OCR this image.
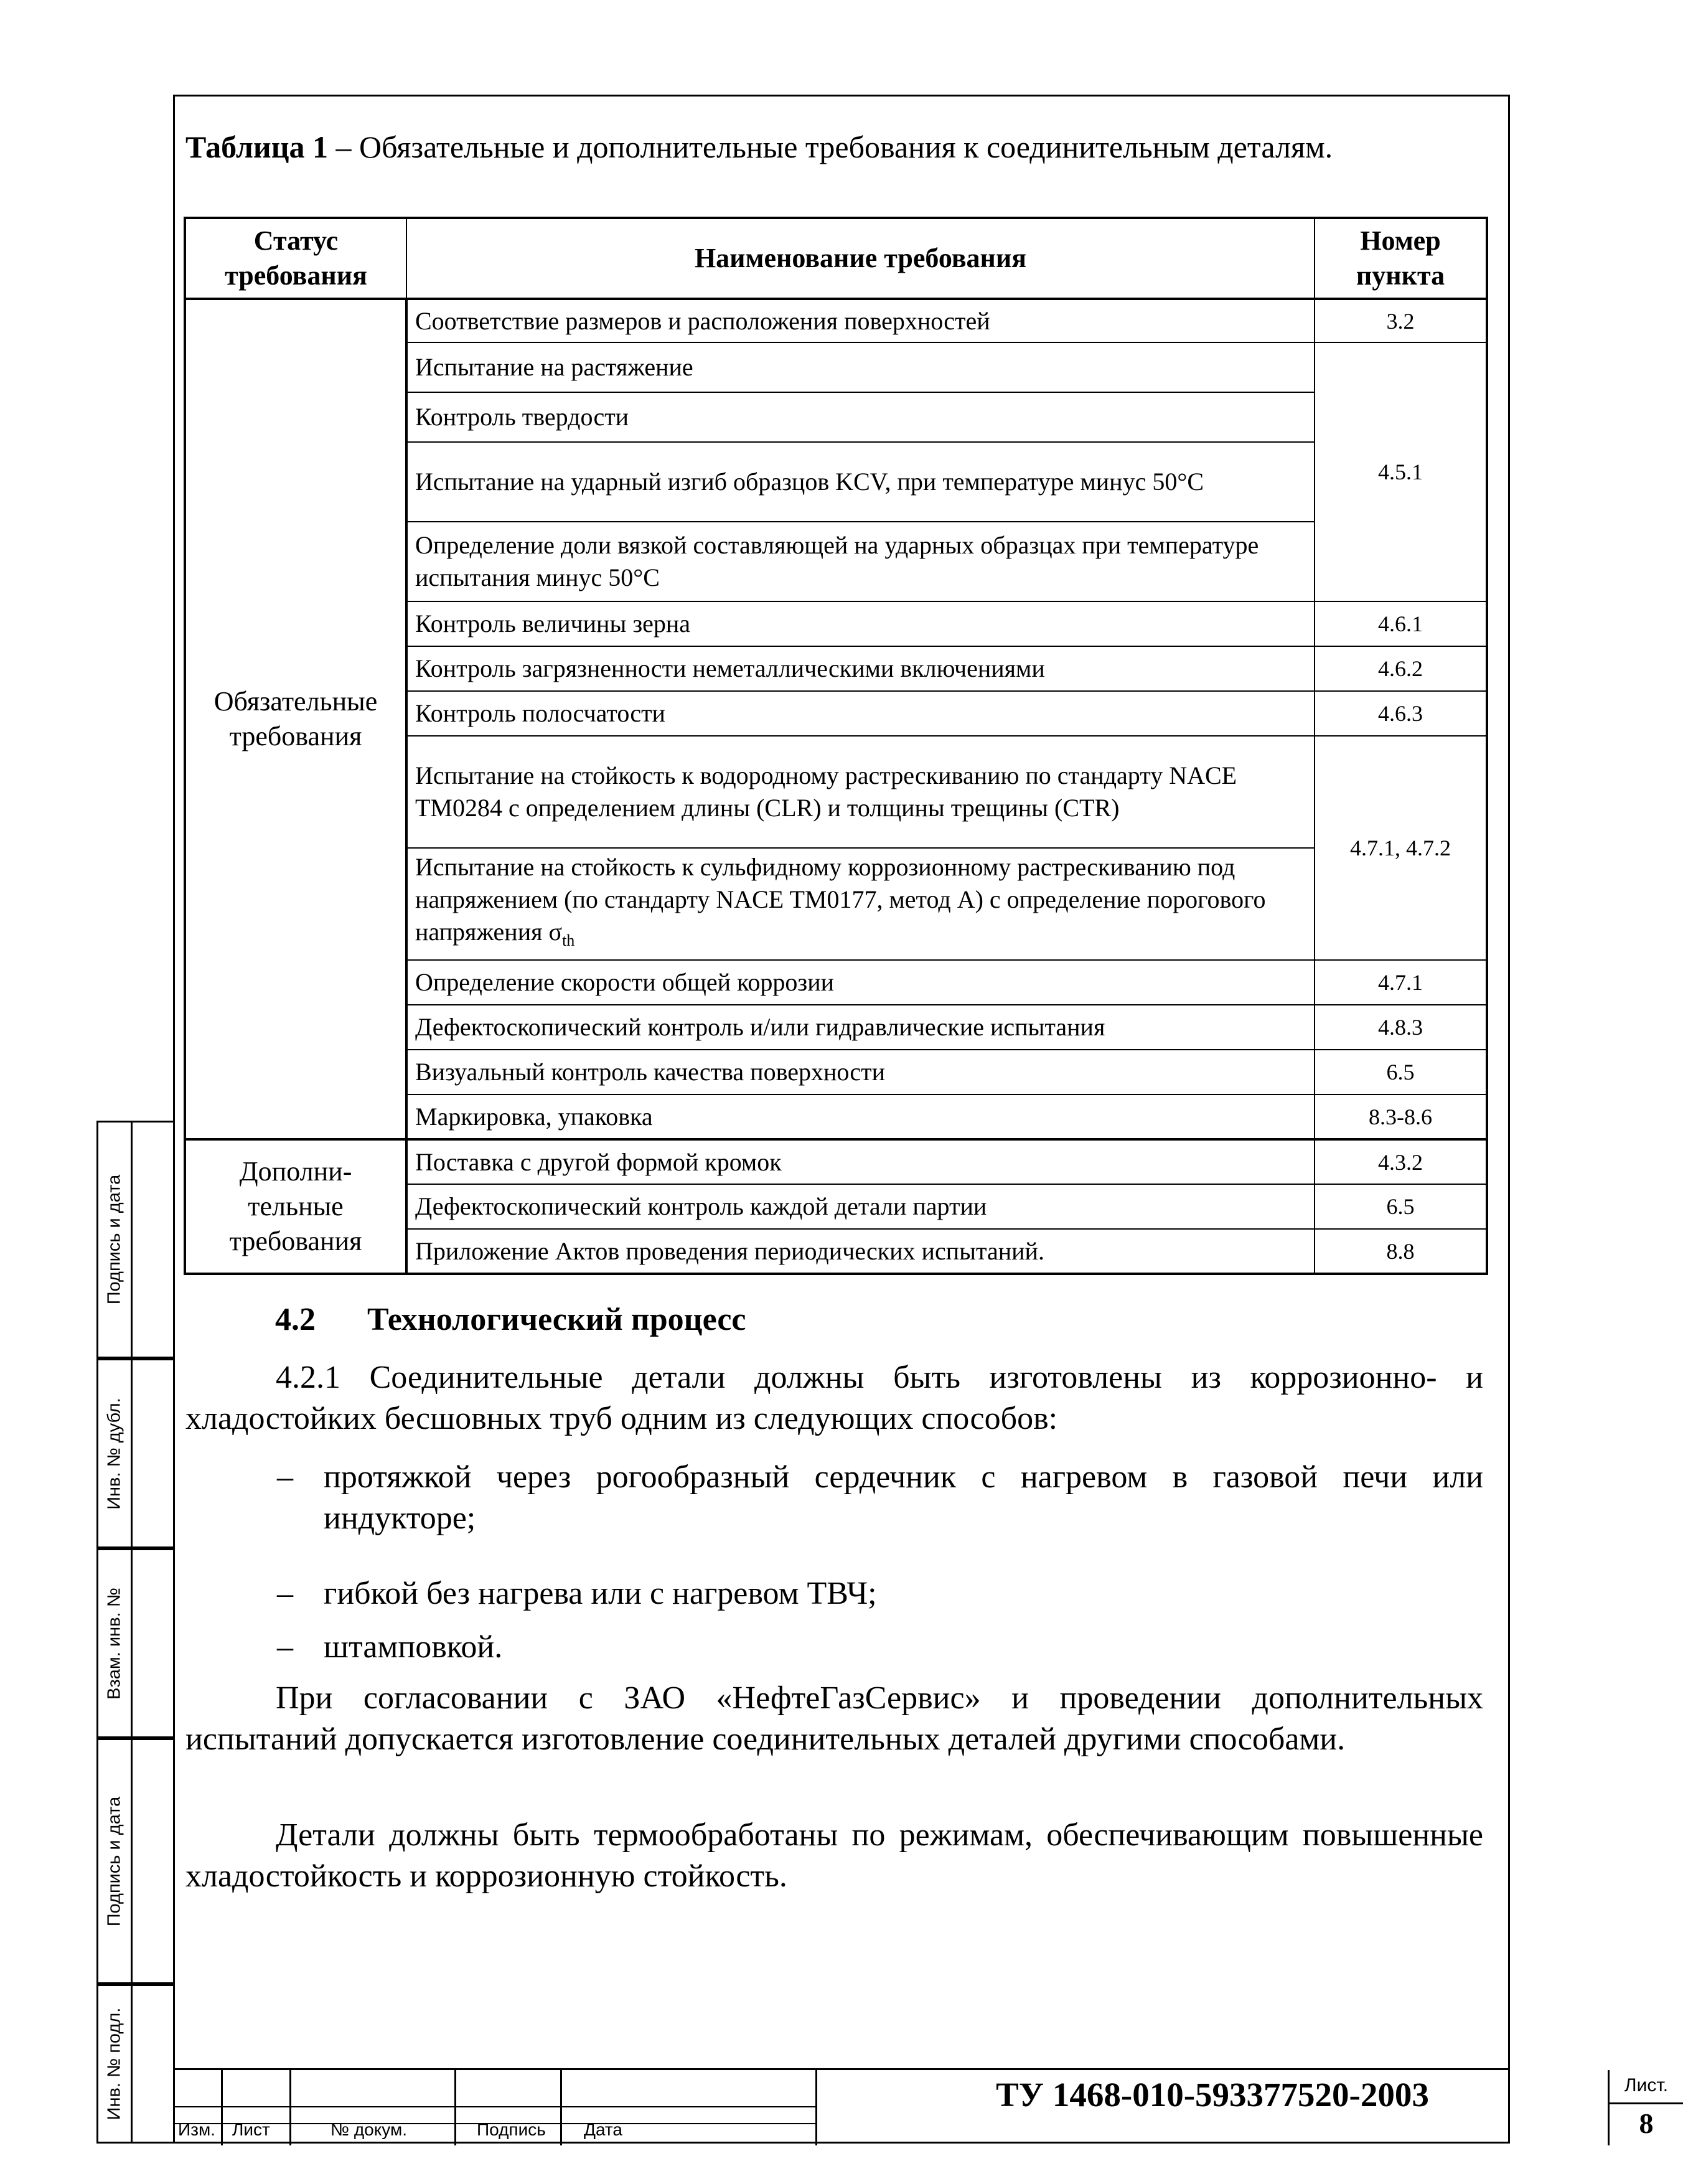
Подпись и дата
Инв. № дубл.
Взам. инв. №
Подпись и дата
Инв. № подл.
Таблица 1 – Обязательные и дополнительные требования к соединительным деталям.
Статус требования	Наименование требования	Номер пункта
Обязательные требования	Соответствие размеров и расположения поверхностей	3.2
	Испытание на растяжение	4.5.1
	Контроль твердости	
	Испытание на ударный изгиб образцов KCV, при температуре минус 50°С	
	Определение доли вязкой составляющей на ударных образцах при температуре испытания минус 50°С	
	Контроль величины зерна	4.6.1
	Контроль загрязненности неметаллическими включениями	4.6.2
	Контроль полосчатости	4.6.3
	Испытание на стойкость к водородному растрескиванию по стандарту NACE TM0284 с определением длины (CLR) и толщины трещины (CTR)	4.7.1, 4.7.2
	Испытание на стойкость к сульфидному коррозионному растрескиванию под напряжением (по стандарту NACE TM0177, метод А) с определение порогового напряжения $\sigma_{th}$
	Определение скорости общей коррозии	4.7.1
	Дефектоскопический контроль и/или гидравлические испытания	4.8.3
	Визуальный контроль качества поверхности	6.5
	Маркировка, упаковка	8.3-8.6
Дополни- тельные требования	Поставка с другой формой кромок	4.3.2
	Дефектоскопический контроль каждой детали партии	6.5
	Приложение Актов проведения периодических испытаний.	8.8
4.2 Технологический процесс
4.2.1 Соединительные детали должны быть изготовлены из коррозионно- и хладостойких бесшовных труб одним из следующих способов:
– протяжкой через рогообразный сердечник с нагревом в газовой печи или индукторе;
– гибкой без нагрева или с нагревом ТВЧ;
– штамповкой.
При согласовании с ЗАО «НефтеГазСервис» и проведении дополнительных испытаний допускается изготовление соединительных деталей другими способами.
Детали должны быть термообработаны по режимам, обеспечивающим повышенные хладостойкость и коррозионную стойкость.
Изм. Лист	№ докум.	Подпись Дата
ТУ 1468-010-593377520-2003	Лист.
8
